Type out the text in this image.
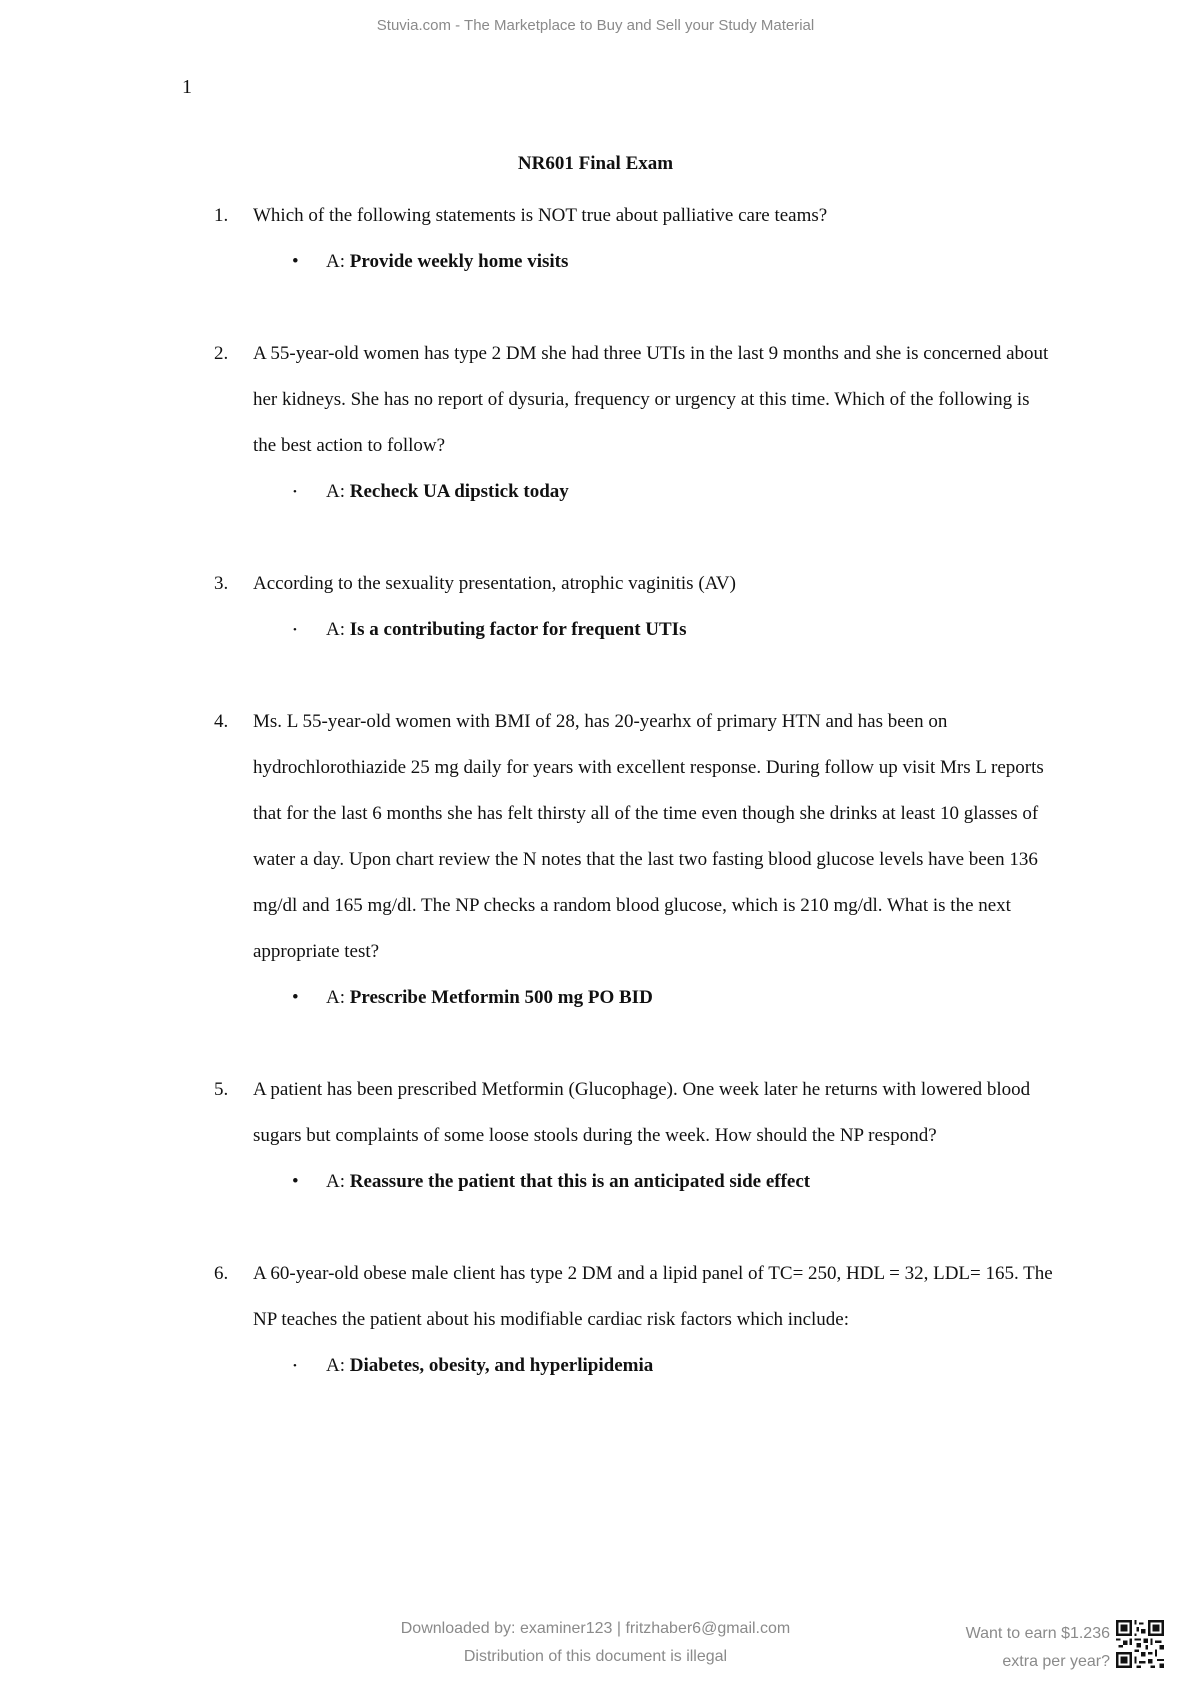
Stuvia.com - The Marketplace to Buy and Sell your Study Material
1
NR601 Final Exam
1. Which of the following statements is NOT true about palliative care teams?
• A: Provide weekly home visits
2. A 55-year-old women has type 2 DM she had three UTIs in the last 9 months and she is concerned about her kidneys. She has no report of dysuria, frequency or urgency at this time. Which of the following is the best action to follow?
• A: Recheck UA dipstick today
3. According to the sexuality presentation, atrophic vaginitis (AV)
• A: Is a contributing factor for frequent UTIs
4. Ms. L 55-year-old women with BMI of 28, has 20-yearhx of primary HTN and has been on hydrochlorothiazide 25 mg daily for years with excellent response. During follow up visit Mrs L reports that for the last 6 months she has felt thirsty all of the time even though she drinks at least 10 glasses of water a day. Upon chart review the N notes that the last two fasting blood glucose levels have been 136 mg/dl and 165 mg/dl. The NP checks a random blood glucose, which is 210 mg/dl. What is the next appropriate test?
• A: Prescribe Metformin 500 mg PO BID
5. A patient has been prescribed Metformin (Glucophage). One week later he returns with lowered blood sugars but complaints of some loose stools during the week. How should the NP respond?
• A: Reassure the patient that this is an anticipated side effect
6. A 60-year-old obese male client has type 2 DM and a lipid panel of TC= 250, HDL = 32, LDL= 165. The NP teaches the patient about his modifiable cardiac risk factors which include:
• A: Diabetes, obesity, and hyperlipidemia
Downloaded by: examiner123 | fritzhaber6@gmail.com
Distribution of this document is illegal
Want to earn $1.236
extra per year?
